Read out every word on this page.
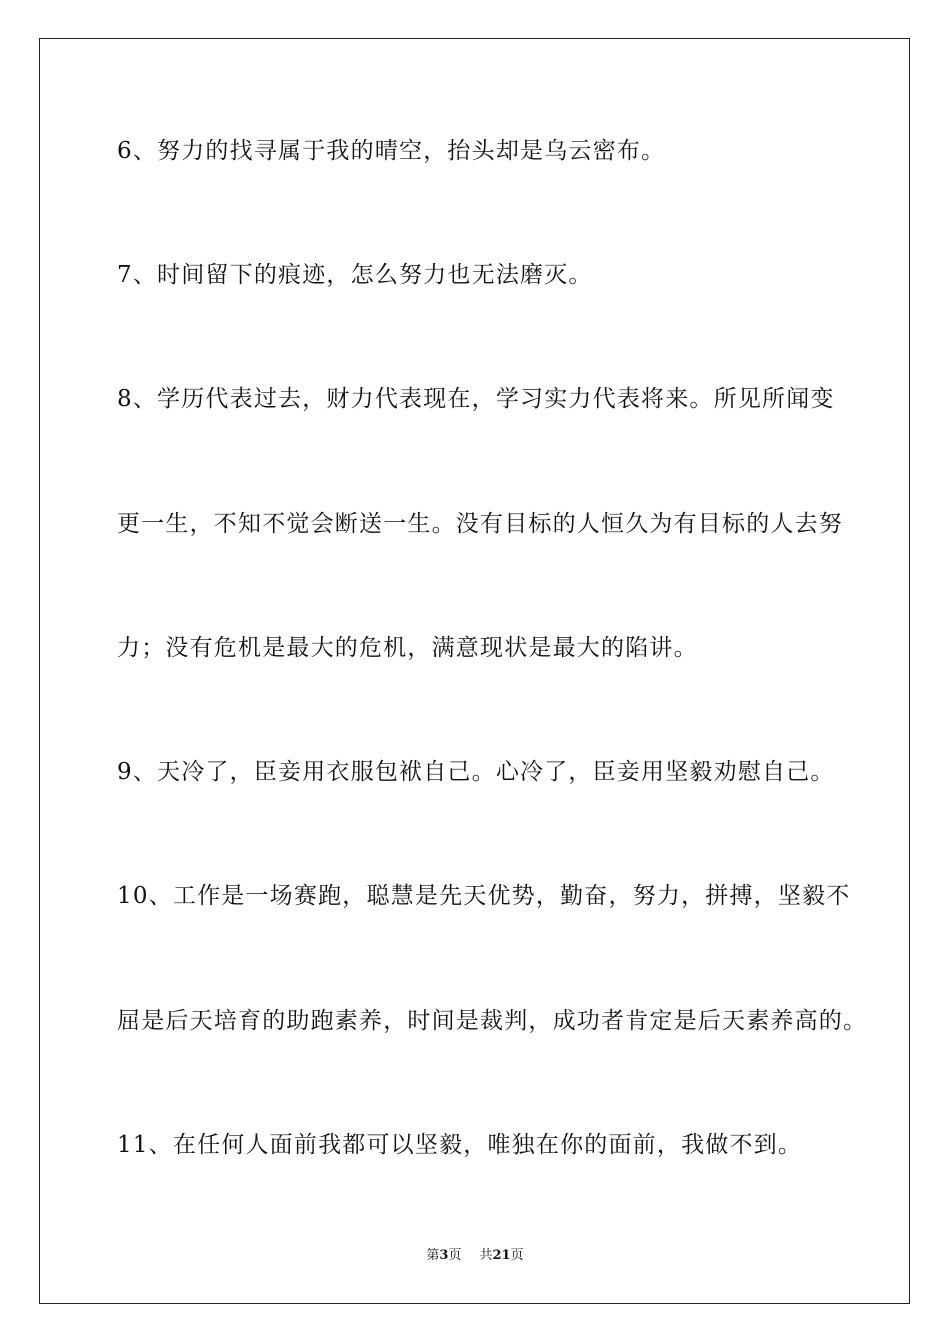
6、努力的找寻属于我的晴空，抬头却是乌云密布。
7、时间留下的痕迹，怎么努力也无法磨灭。
8、学历代表过去，财力代表现在，学习实力代表将来。所见所闻变
更一生，不知不觉会断送一生。没有目标的人恒久为有目标的人去努
力；没有危机是最大的危机，满意现状是最大的陷讲。
9、天冷了，臣妾用衣服包袱自己。心冷了，臣妾用坚毅劝慰自己。
10、工作是一场赛跑，聪慧是先天优势，勤奋，努力，拼搏，坚毅不
屈是后天培育的助跑素养，时间是裁判，成功者肯定是后天素养高的。
11、在任何人面前我都可以坚毅，唯独在你的面前，我做不到。
第3页 共21页
